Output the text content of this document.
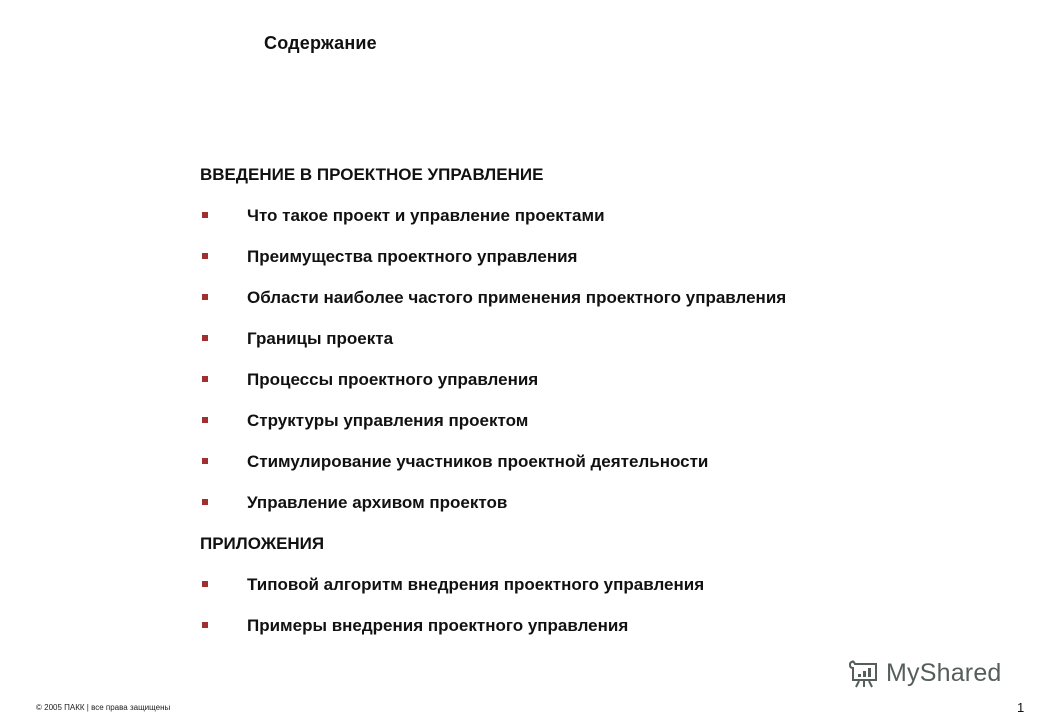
Содержание
ВВЕДЕНИЕ В ПРОЕКТНОЕ УПРАВЛЕНИЕ
Что такое проект и управление проектами
Преимущества проектного управления
Области наиболее частого применения проектного управления
Границы проекта
Процессы проектного управления
Структуры управления проектом
Стимулирование участников проектной деятельности
Управление архивом проектов
ПРИЛОЖЕНИЯ
Типовой алгоритм внедрения проектного управления
Примеры внедрения проектного управления
MyShared
© 2005 ПАКК | все права защищены	1
